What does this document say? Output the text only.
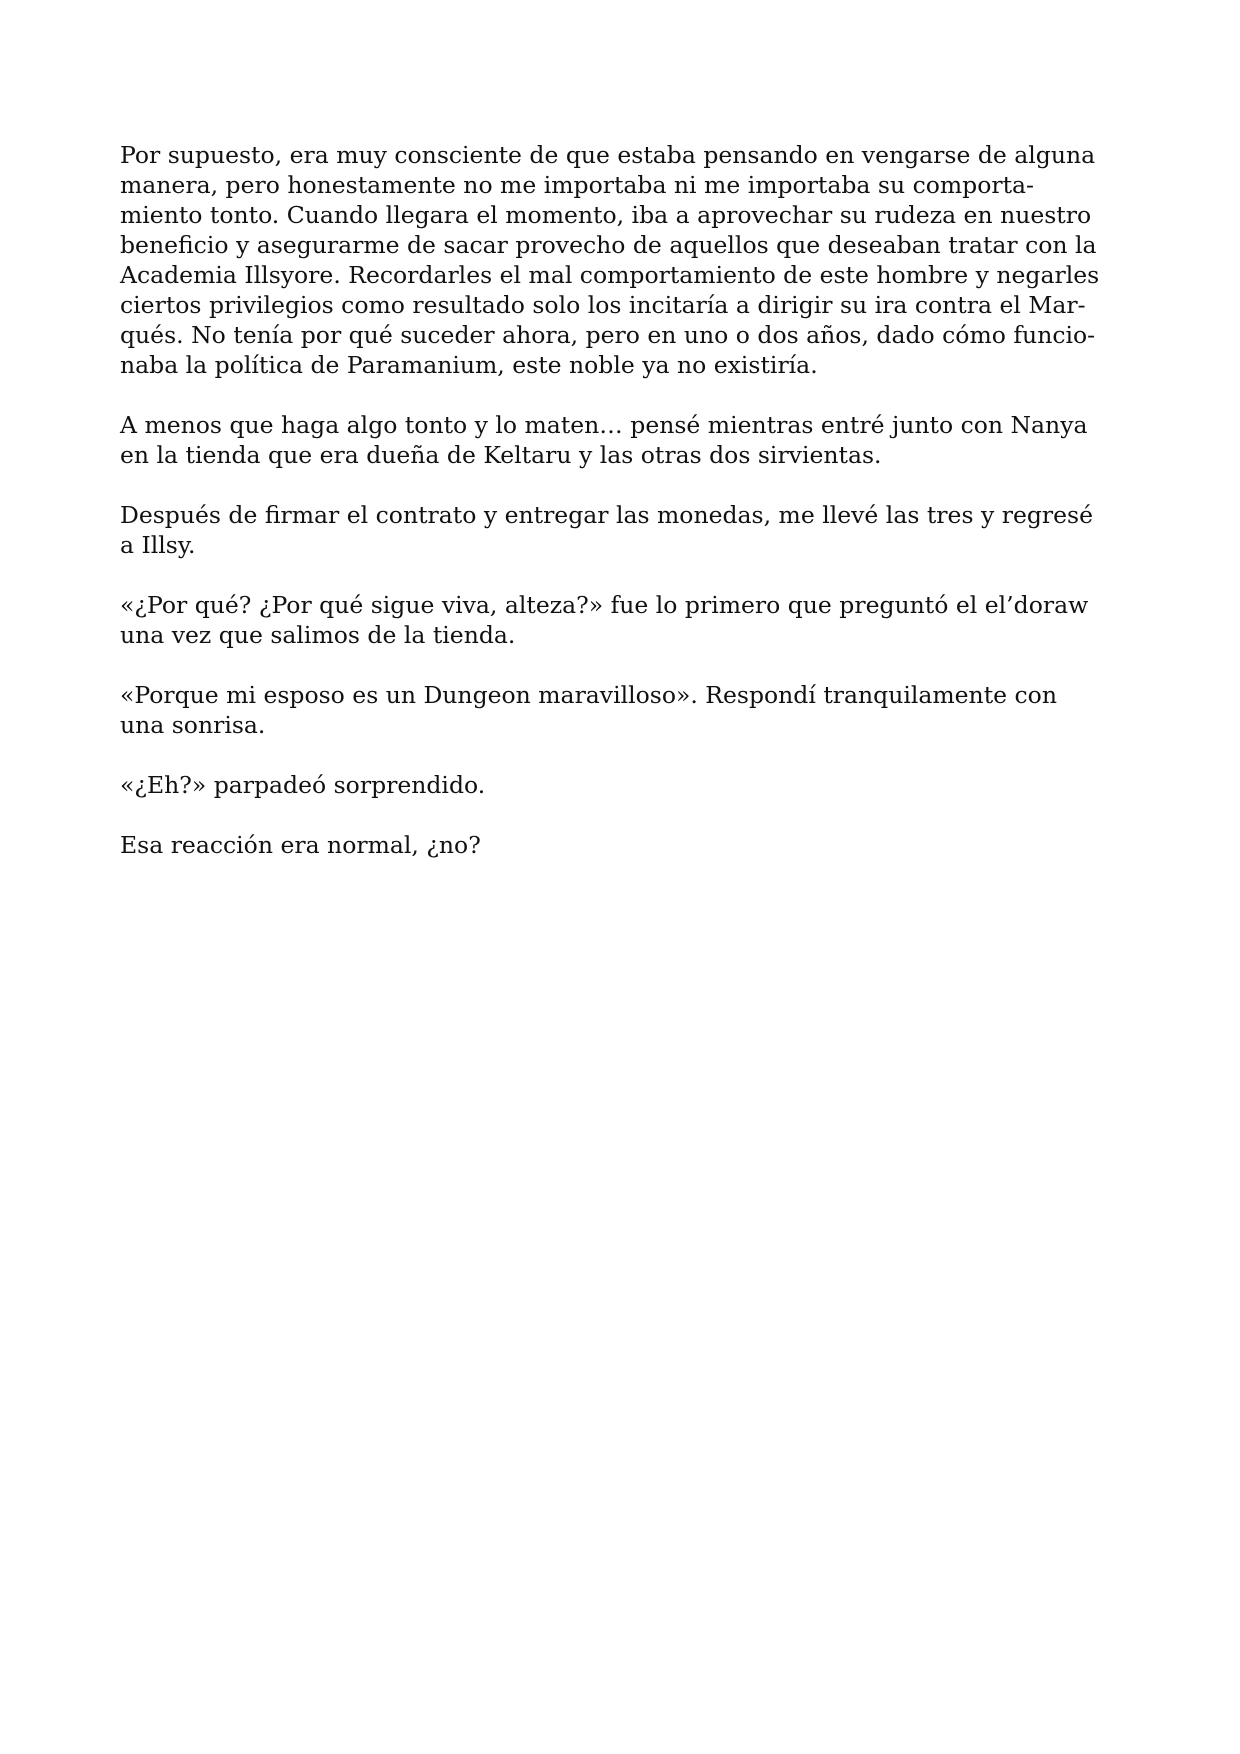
Por supuesto, era muy consciente de que estaba pensando en vengarse de alguna
manera, pero honestamente no me importaba ni me importaba su comporta-
miento tonto. Cuando llegara el momento, iba a aprovechar su rudeza en nuestro
beneficio y asegurarme de sacar provecho de aquellos que deseaban tratar con la
Academia Illsyore. Recordarles el mal comportamiento de este hombre y negarles
ciertos privilegios como resultado solo los incitaría a dirigir su ira contra el Mar-
qués. No tenía por qué suceder ahora, pero en uno o dos años, dado cómo funcio-
naba la política de Paramanium, este noble ya no existiría.

A menos que haga algo tonto y lo maten… pensé mientras entré junto con Nanya
en la tienda que era dueña de Keltaru y las otras dos sirvientas.

Después de firmar el contrato y entregar las monedas, me llevé las tres y regresé
a Illsy.

«¿Por qué? ¿Por qué sigue viva, alteza?» fue lo primero que preguntó el el’doraw
una vez que salimos de la tienda.

«Porque mi esposo es un Dungeon maravilloso». Respondí tranquilamente con
una sonrisa.

«¿Eh?» parpadeó sorprendido.

Esa reacción era normal, ¿no?
